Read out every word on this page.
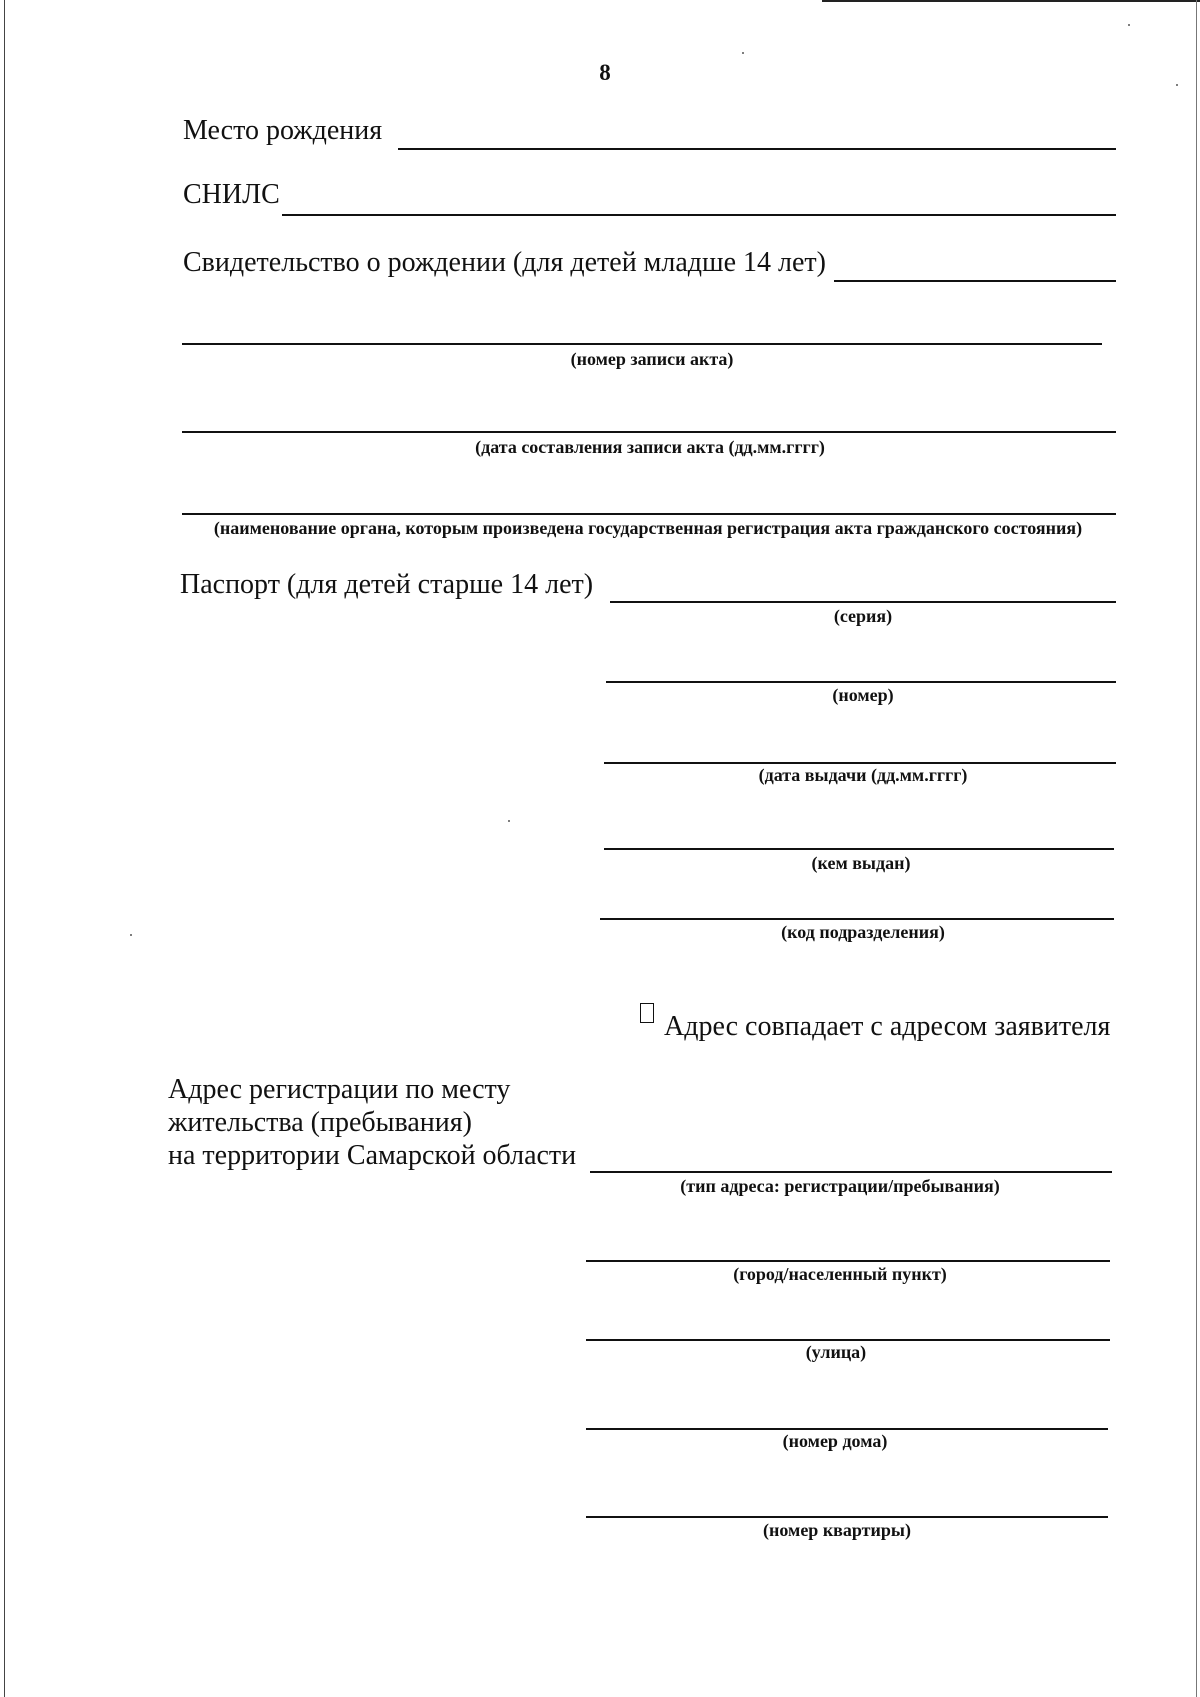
8
Место рождения
СНИЛС
Свидетельство о рождении (для детей младше 14 лет)
(номер записи акта)
(дата составления записи акта (дд.мм.гггг)
(наименование органа, которым произведена государственная регистрация акта гражданского состояния)
Паспорт (для детей старше 14 лет)
(серия)
(номер)
(дата выдачи (дд.мм.гггг)
(кем выдан)
(код подразделения)
Адрес совпадает с адресом заявителя
Адрес регистрации по месту
жительства (пребывания)
на территории Самарской области
(тип адреса: регистрации/пребывания)
(город/населенный пункт)
(улица)
(номер дома)
(номер квартиры)
